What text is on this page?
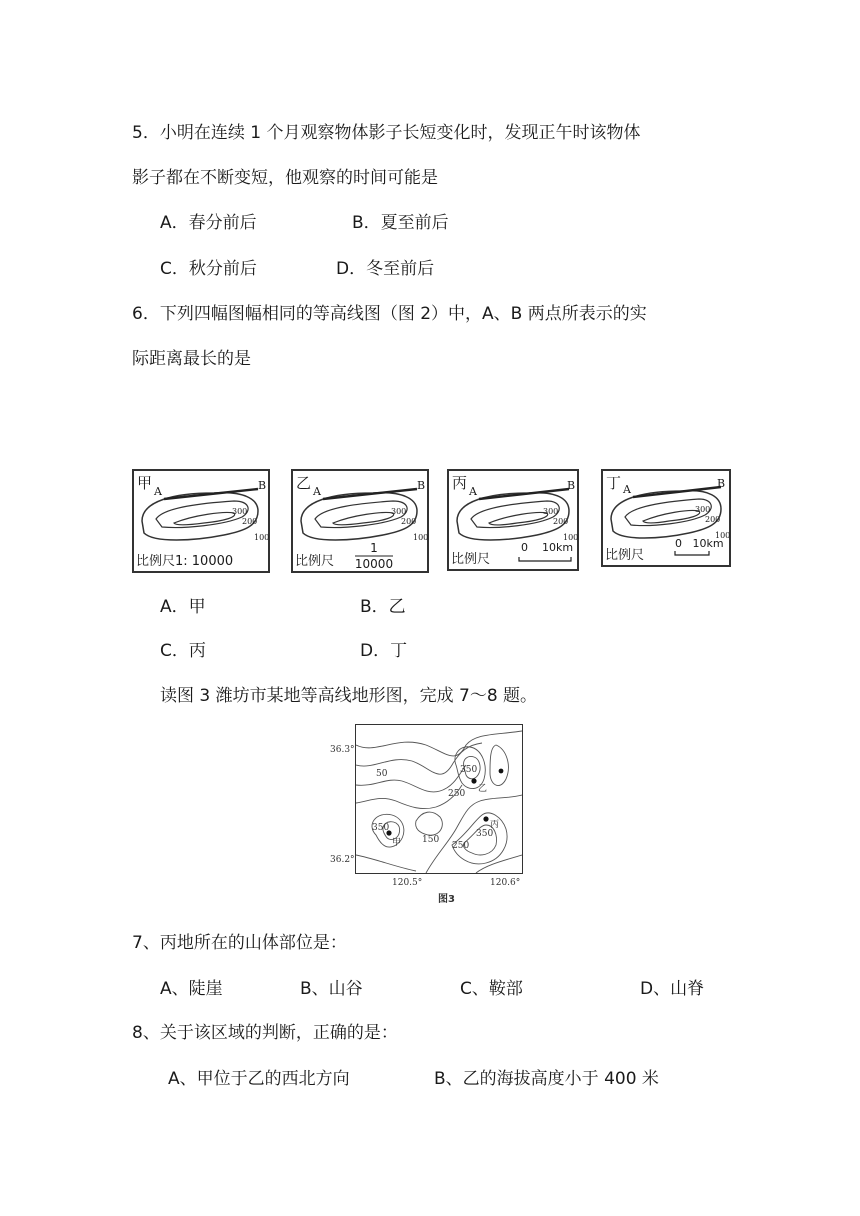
5．小明在连续 1 个月观察物体影子长短变化时，发现正午时该物体
影子都在不断变短，他观察的时间可能是
A．春分前后	B．夏至前后
C．秋分前后	D．冬至前后
6．下列四幅图幅相同的等高线图（图 2）中，A、B 两点所表示的实
际距离最长的是
甲 A	B
300
200
100
比例尺1: 10000
乙 A	B
300
200
100
比例尺
1
10000
丙 A	B
300
200
100
比例尺
0    10km
丁 A	B
300
200
100
比例尺
0   10km
A．甲	B．乙
C．丙	D．丁
读图 3 潍坊市某地等高线地形图，完成 7～8 题。
36.3°
36.2°
120.5°	120.6°
图3
50	350
250
150
250
350
350
甲
乙
丙
7、丙地所在的山体部位是：
A、陡崖	B、山谷	C、鞍部	D、山脊
8、关于该区域的判断，正确的是：
A、甲位于乙的西北方向	B、乙的海拔高度小于 400 米
